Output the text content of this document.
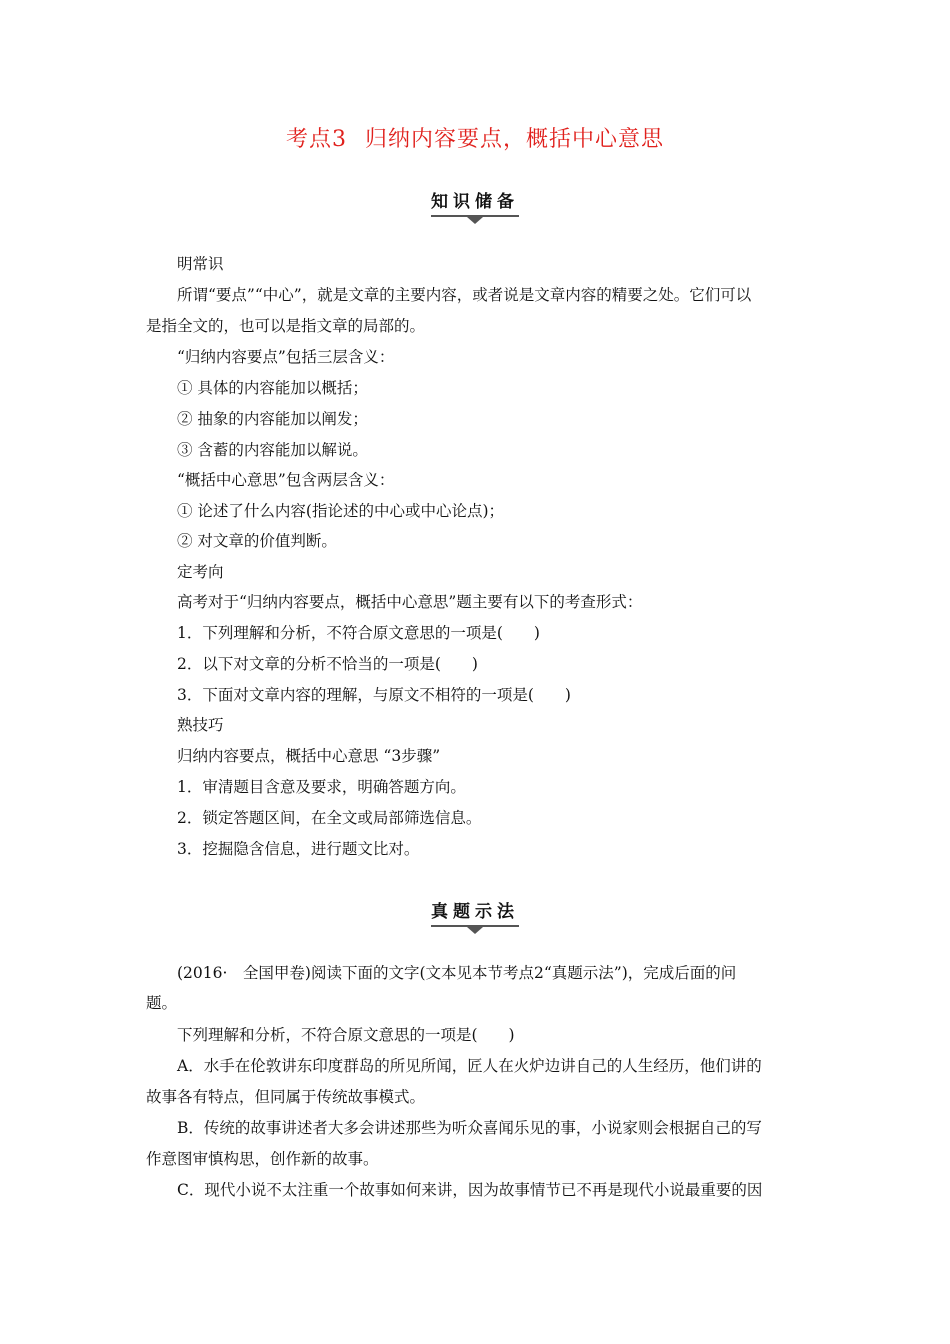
考点3 归纳内容要点，概括中心意思
知识储备

明常识

所谓“要点”“中心”，就是文章的主要内容，或者说是文章内容的精要之处。它们可以

是指全文的，也可以是指文章的局部的。

“归纳内容要点”包括三层含义：

① 具体的内容能加以概括；

② 抽象的内容能加以阐发；

③ 含蓄的内容能加以解说。

“概括中心意思”包含两层含义：

① 论述了什么内容(指论述的中心或中心论点)；

② 对文章的价值判断。

定考向

高考对于“归纳内容要点，概括中心意思”题主要有以下的考查形式：

1．下列理解和分析，不符合原文意思的一项是(　　)

2．以下对文章的分析不恰当的一项是(　　)

3．下面对文章内容的理解，与原文不相符的一项是(　　)

熟技巧

归纳内容要点，概括中心意思 “3步骤”

1．审清题目含意及要求，明确答题方向。

2．锁定答题区间，在全文或局部筛选信息。

3．挖掘隐含信息，进行题文比对。

真题示法

(2016·　全国甲卷)阅读下面的文字(文本见本节考点2“真题示法”)，完成后面的问

题。

下列理解和分析，不符合原文意思的一项是(　　)

A．水手在伦敦讲东印度群岛的所见所闻，匠人在火炉边讲自己的人生经历，他们讲的

故事各有特点，但同属于传统故事模式。

B．传统的故事讲述者大多会讲述那些为听众喜闻乐见的事，小说家则会根据自己的写

作意图审慎构思，创作新的故事。

C．现代小说不太注重一个故事如何来讲，因为故事情节已不再是现代小说最重要的因
